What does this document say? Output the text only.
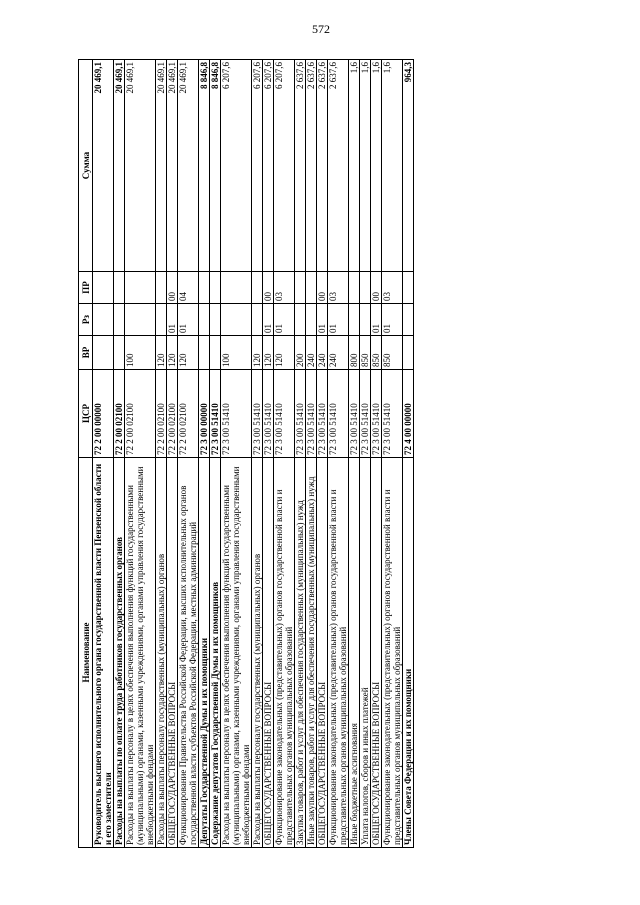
572
Наименование	ЦСР	ВР	Рз	ПР	Сумма
Руководитель высшего исполнительного органа государственной власти Пензенской области и его заместители	72 2 00 00000				20 469,1
Расходы на выплаты по оплате труда работников государственных органов	72 2 00 02100				20 469,1
Расходы на выплаты персоналу в целях обеспечения выполнения функций государственными (муниципальными) органами, казенными учреждениями, органами управления государственными внебюджетными фондами	72 2 00 02100	100			20 469,1
Расходы на выплаты персоналу государственных (муниципальных) органов	72 2 00 02100	120			20 469,1
ОБЩЕГОСУДАРСТВЕННЫЕ ВОПРОСЫ	72 2 00 02100	120	01	00	20 469,1
Функционирование Правительства Российской Федерации, высших исполнительных органов государственной власти субъектов Российской Федерации, местных администраций	72 2 00 02100	120	01	04	20 469,1
Депутаты Государственной Думы и их помощники	72 3 00 00000				8 846,8
Содержание депутатов Государственной Думы и их помощников	72 3 00 51410				8 846,8
Расходы на выплаты персоналу в целях обеспечения выполнения функций государственными (муниципальными) органами, казенными учреждениями, органами управления государственными внебюджетными фондами	72 3 00 51410	100			6 207,6
Расходы на выплаты персоналу государственных (муниципальных) органов	72 3 00 51410	120			6 207,6
ОБЩЕГОСУДАРСТВЕННЫЕ ВОПРОСЫ	72 3 00 51410	120	01	00	6 207,6
Функционирование законодательных (представительных) органов государственной власти и представительных органов муниципальных образований	72 3 00 51410	120	01	03	6 207,6
Закупка товаров, работ и услуг для обеспечения государственных (муниципальных) нужд	72 3 00 51410	200			2 637,6
Иные закупки товаров, работ и услуг для обеспечения государственных (муниципальных) нужд	72 3 00 51410	240			2 637,6
ОБЩЕГОСУДАРСТВЕННЫЕ ВОПРОСЫ	72 3 00 51410	240	01	00	2 637,6
Функционирование законодательных (представительных) органов государственной власти и представительных органов муниципальных образований	72 3 00 51410	240	01	03	2 637,6
Иные бюджетные ассигнования	72 3 00 51410	800			1,6
Уплата налогов, сборов и иных платежей	72 3 00 51410	850			1,6
ОБЩЕГОСУДАРСТВЕННЫЕ ВОПРОСЫ	72 3 00 51410	850	01	00	1,6
Функционирование законодательных (представительных) органов государственной власти и представительных органов муниципальных образований	72 3 00 51410	850	01	03	1,6
Члены Совета Федерации и их помощники	72 4 00 00000				964,3
